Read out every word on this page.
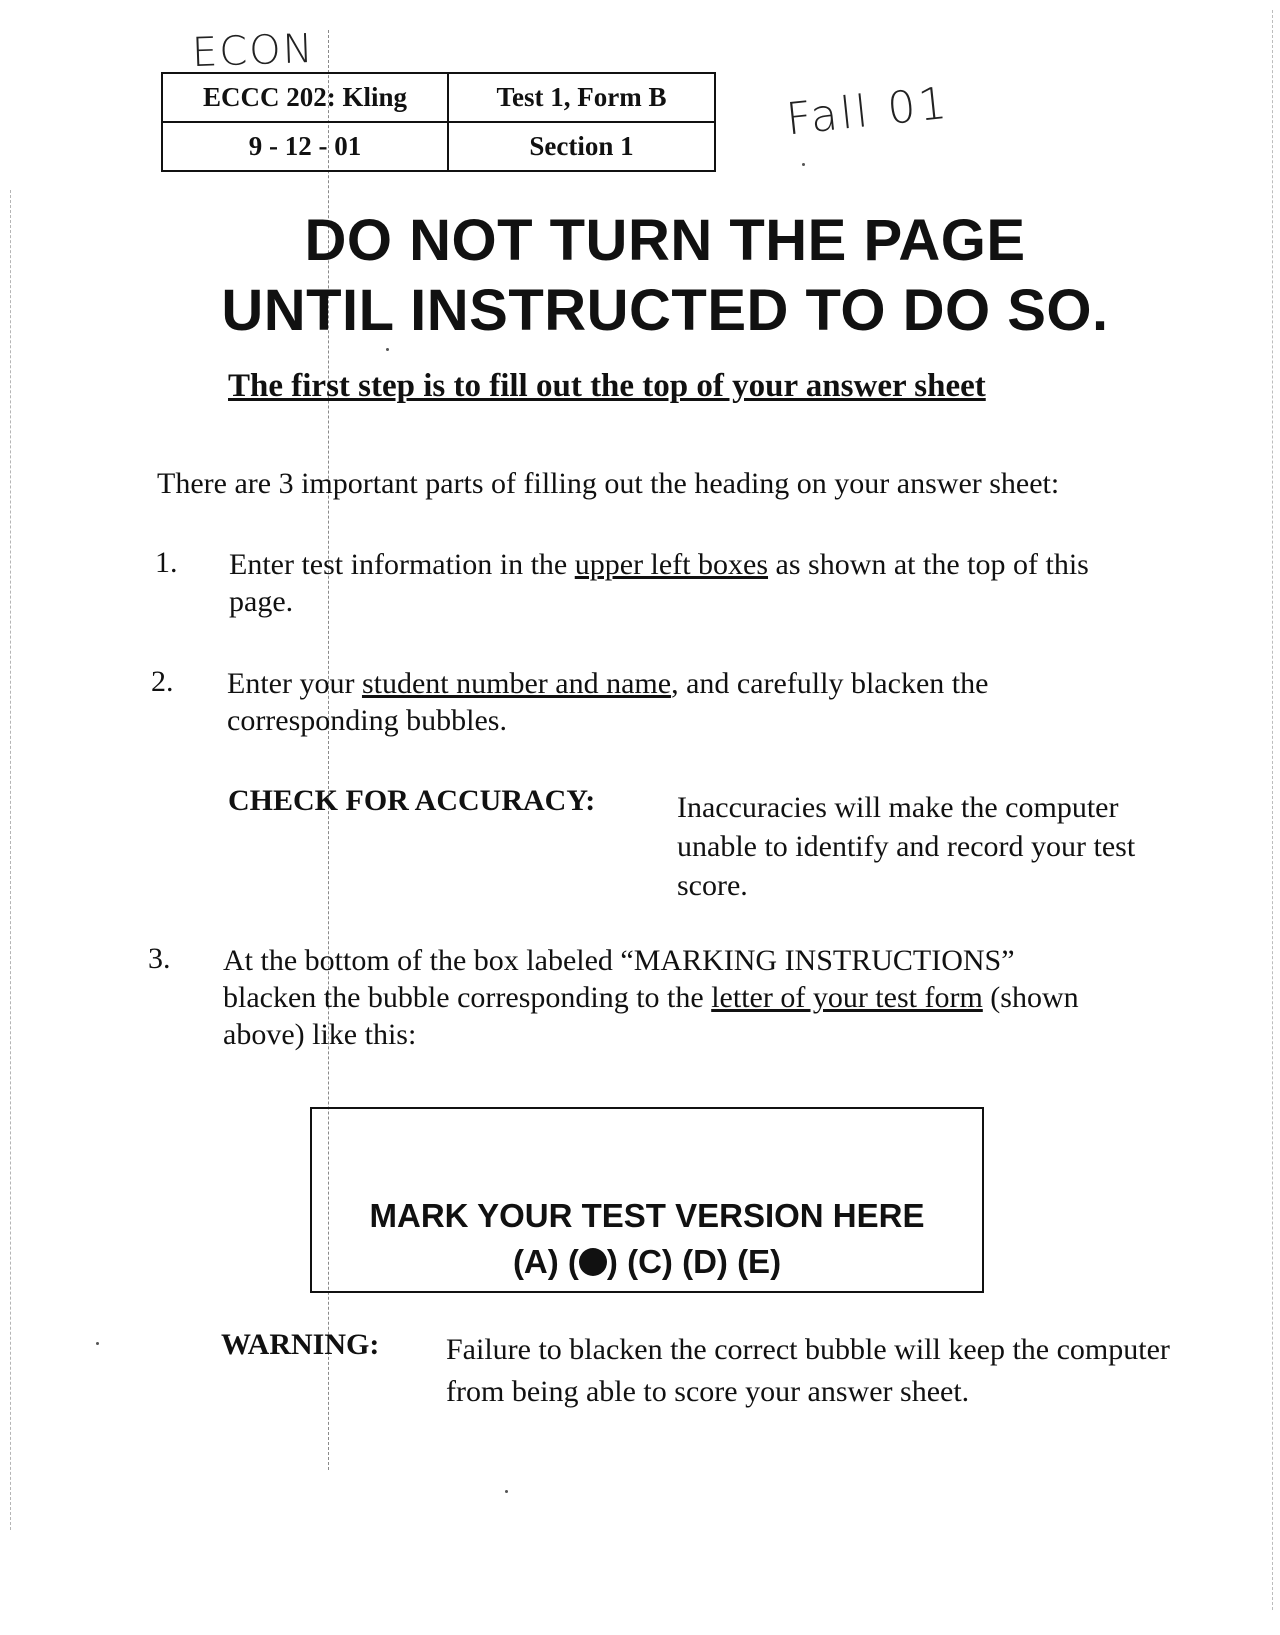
ECON
Fall 01
ECCC 202: Kling	Test 1, Form B
9 - 12 - 01	Section 1
DO NOT TURN THE PAGE
UNTIL INSTRUCTED TO DO SO.
The first step is to fill out the top of your answer sheet
There are 3 important parts of filling out the heading on your answer sheet:
1. Enter test information in the upper left boxes as shown at the top of this page.
2. Enter your student number and name, and carefully blacken the corresponding bubbles.
CHECK FOR ACCURACY:	Inaccuracies will make the computer unable to identify and record your test score.
3. At the bottom of the box labeled “MARKING INSTRUCTIONS” blacken the bubble corresponding to the letter of your test form (shown above) like this:
MARK YOUR TEST VERSION HERE
(A) ( ) (C) (D) (E)
WARNING: Failure to blacken the correct bubble will keep the computer from being able to score your answer sheet.
